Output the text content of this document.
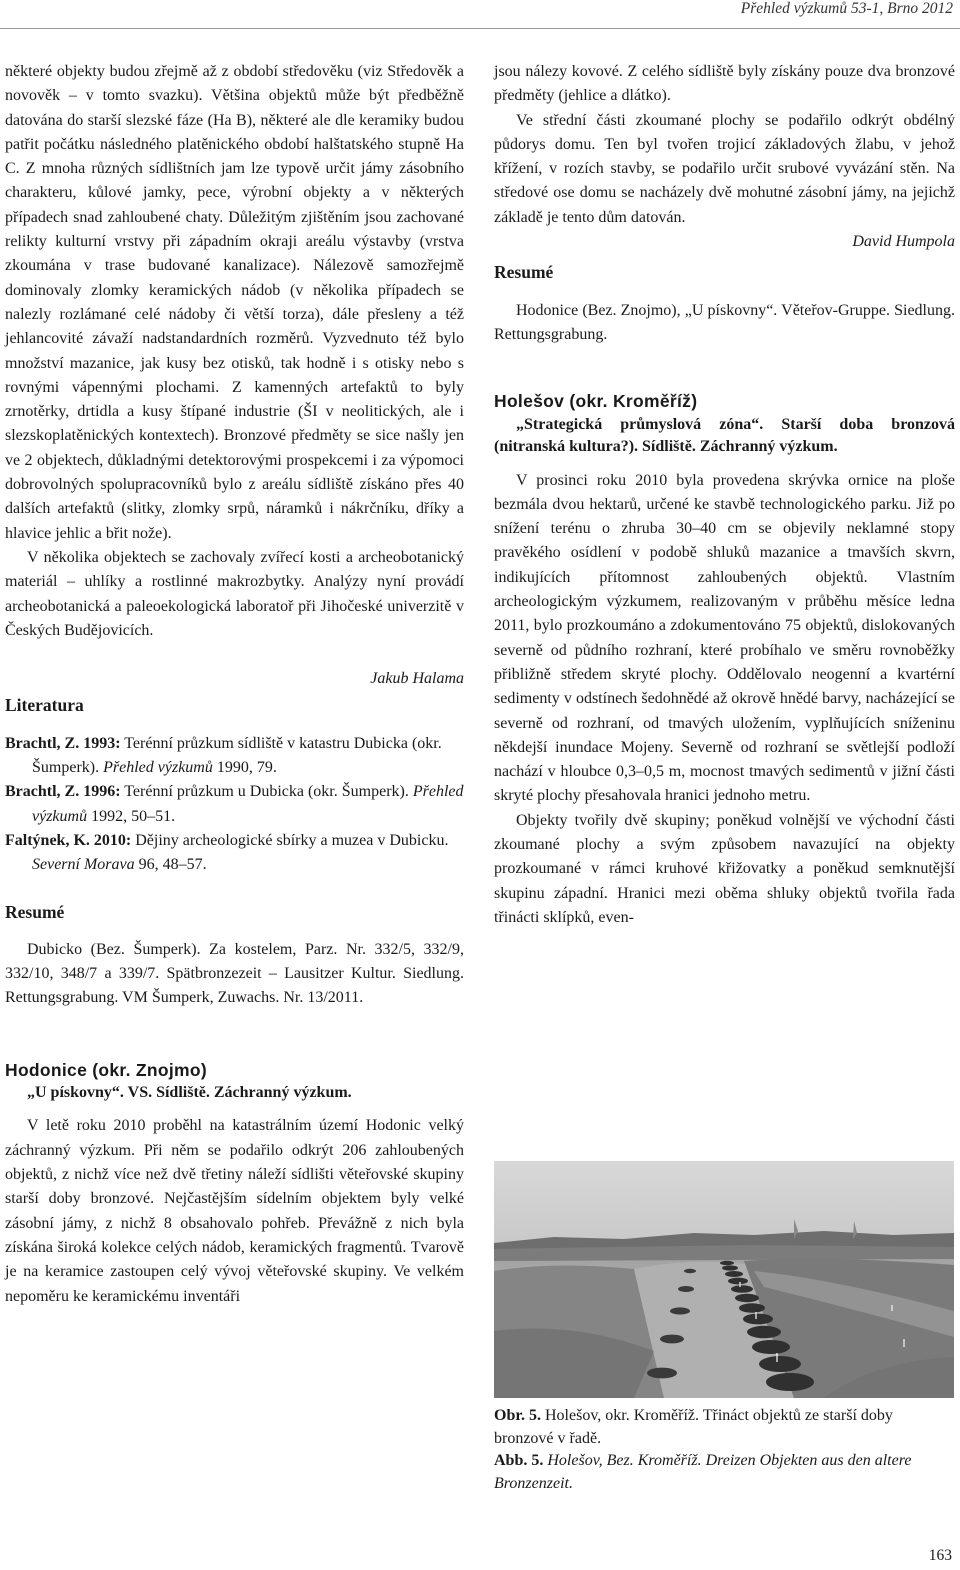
Přehled výzkumů 53-1, Brno 2012

některé objekty budou zřejmě až z období středověku (viz Středověk a novověk – v tomto svazku). Většina objektů může být předběžně datována do starší slezské fáze (Ha B), některé ale dle keramiky budou patřit počátku následného platěnického období halštatského stupně Ha C. Z mnoha různých sídlištních jam lze typově určit jámy zásobního charakteru, kůlové jamky, pece, výrobní objekty a v některých případech snad zahloubené chaty. Důležitým zjištěním jsou zachované relikty kulturní vrstvy při západním okraji areálu výstavby (vrstva zkoumána v trase budované kanalizace). Nálezově samozřejmě dominovaly zlomky keramických nádob (v několika případech se nalezly rozlámané celé nádoby či větší torza), dále přesleny a též jehlancovité závaží nadstandardních rozměrů. Vyzvednuto též bylo množství mazanice, jak kusy bez otisků, tak hodně i s otisky nebo s rovnými vápennými plochami. Z kamenných artefaktů to byly zrnotěrky, drtidla a kusy štípané industrie (ŠI v neolitických, ale i slezskoplatěnických kontextech). Bronzové předměty se sice našly jen ve 2 objektech, důkladnými detektorovými prospekcemi i za výpomoci dobrovolných spolupracovníků bylo z areálu sídliště získáno přes 40 dalších artefaktů (slitky, zlomky srpů, náramků i nákrčníku, dříky a hlavice jehlic a břit nože).

V několika objektech se zachovaly zvířecí kosti a archeobotanický materiál – uhlíky a rostlinné makrozbytky. Analýzy nyní provádí archeobotanická a paleoekologická laboratoř při Jihočeské univerzitě v Českých Budějovicích.

Jakub Halama

Literatura

Brachtl, Z. 1993: Terénní průzkum sídliště v katastru Dubicka (okr. Šumperk). Přehled výzkumů 1990, 79.

Brachtl, Z. 1996: Terénní průzkum u Dubicka (okr. Šumperk). Přehled výzkumů 1992, 50–51.

Faltýnek, K. 2010: Dějiny archeologické sbírky a muzea v Dubicku. Severní Morava 96, 48–57.

Resumé

Dubicko (Bez. Šumperk). Za kostelem, Parz. Nr. 332/5, 332/9, 332/10, 348/7 a 339/7. Spätbronzezeit – Lausitzer Kultur. Siedlung. Rettungsgrabung. VM Šumperk, Zuwachs. Nr. 13/2011.

Hodonice (okr. Znojmo)

„U pískovny“. VS. Sídliště. Záchranný výzkum.

V letě roku 2010 proběhl na katastrálním území Hodonic velký záchranný výzkum. Při něm se podařilo odkrýt 206 zahloubených objektů, z nichž více než dvě třetiny náleží sídlišti věteřovské skupiny starší doby bronzové. Nejčastějším sídelním objektem byly velké zásobní jámy, z nichž 8 obsahovalo pohřeb. Převážně z nich byla získána široká kolekce celých nádob, keramických fragmentů. Tvarově je na keramice zastoupen celý vývoj věteřovské skupiny. Ve velkém nepoměru ke keramickému inventáři

jsou nálezy kovové. Z celého sídliště byly získány pouze dva bronzové předměty (jehlice a dlátko).

Ve střední části zkoumané plochy se podařilo odkrýt obdélný půdorys domu. Ten byl tvořen trojicí základových žlabu, v jehož křížení, v rozích stavby, se podařilo určit srubové vyvázání stěn. Na středové ose domu se nacházely dvě mohutné zásobní jámy, na jejichž základě je tento dům datován.

David Humpola

Resumé

Hodonice (Bez. Znojmo), „U pískovny“. Věteřov-Gruppe. Siedlung. Rettungsgrabung.

Holešov (okr. Kroměříž)

„Strategická průmyslová zóna“. Starší doba bronzová (nitranská kultura?). Sídliště. Záchranný výzkum.

V prosinci roku 2010 byla provedena skrývka ornice na ploše bezmála dvou hektarů, určené ke stavbě technologického parku. Již po snížení terénu o zhruba 30–40 cm se objevily neklamné stopy pravěkého osídlení v podobě shluků mazanice a tmavších skvrn, indikujících přítomnost zahloubených objektů. Vlastním archeologickým výzkumem, realizovaným v průběhu měsíce ledna 2011, bylo prozkoumáno a zdokumentováno 75 objektů, dislokovaných severně od půdního rozhraní, které probíhalo ve směru rovnoběžky přibližně středem skryté plochy. Oddělovalo neogenní a kvartérní sedimenty v odstínech šedohnědé až okrově hnědé barvy, nacházející se severně od rozhraní, od tmavých uložením, vyplňujících sníženinu někdejší inundace Mojeny. Severně od rozhraní se světlejší podloží nachází v hloubce 0,3–0,5 m, mocnost tmavých sedimentů v jižní části skryté plochy přesahovala hranici jednoho metru.

Objekty tvořily dvě skupiny; poněkud volnější ve východní části zkoumané plochy a svým způsobem navazující na objekty prozkoumané v rámci kruhové křižovatky a poněkud semknutější skupinu západní. Hranici mezi oběma shluky objektů tvořila řada třinácti sklípků, even-

Obr. 5. Holešov, okr. Kroměříž. Třináct objektů ze starší doby bronzové v řadě.

Abb. 5. Holešov, Bez. Kroměříž. Dreizen Objekten aus den altere Bronzenzeit.

163
